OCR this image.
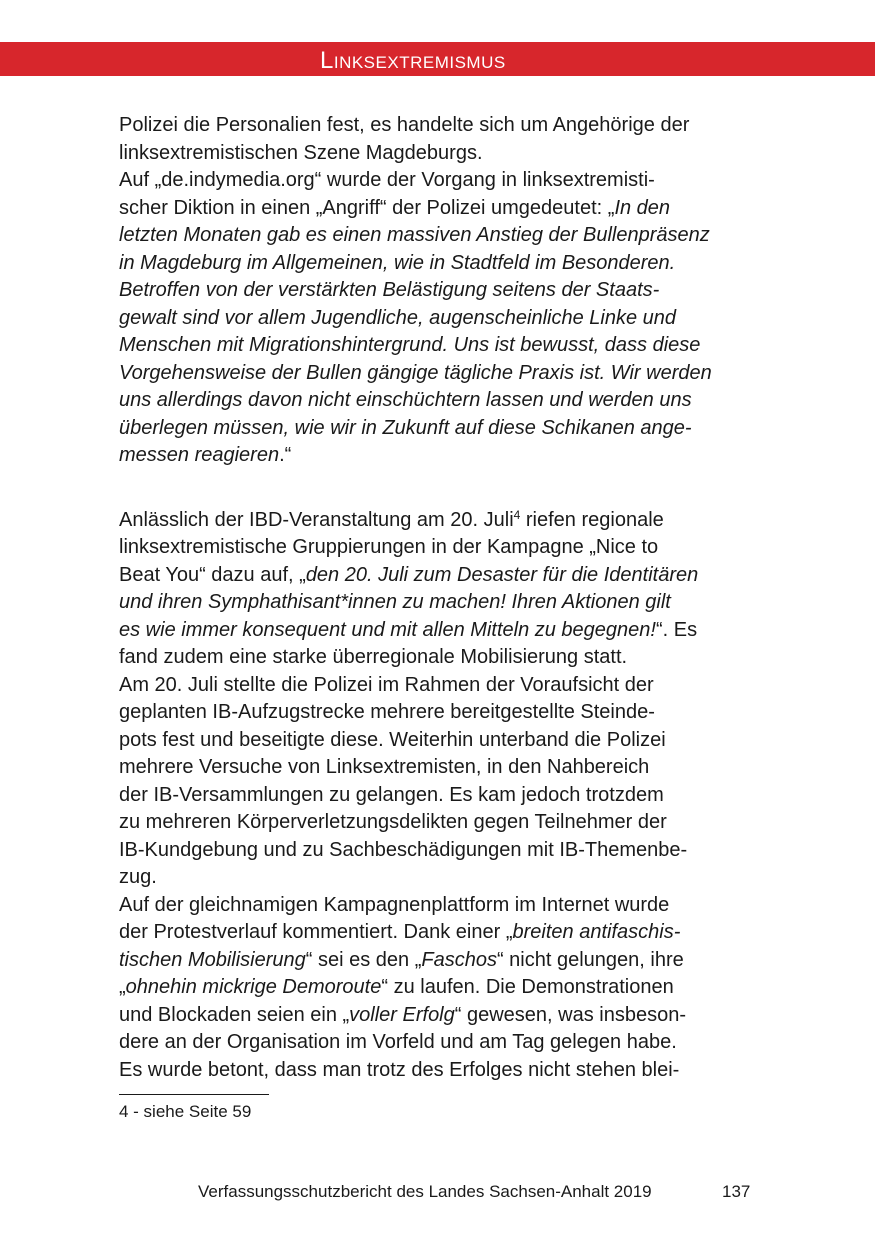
Linksextremismus
Polizei die Personalien fest, es handelte sich um Angehörige der
linksextremistischen Szene Magdeburgs.
Auf „de.indymedia.org“ wurde der Vorgang in linksextremisti-
scher Diktion in einen „Angriff“ der Polizei umgedeutet: „In den
letzten Monaten gab es einen massiven Anstieg der Bullenpräsenz
in Magdeburg im Allgemeinen, wie in Stadtfeld im Besonderen.
Betroffen von der verstärkten Belästigung seitens der Staats-
gewalt sind vor allem Jugendliche, augenscheinliche Linke und
Menschen mit Migrationshintergrund. Uns ist bewusst, dass diese
Vorgehensweise der Bullen gängige tägliche Praxis ist. Wir werden
uns allerdings davon nicht einschüchtern lassen und werden uns
überlegen müssen, wie wir in Zukunft auf diese Schikanen ange-
messen reagieren.“
Anlässlich der IBD-Veranstaltung am 20. Juli$^4$ riefen regionale
linksextremistische Gruppierungen in der Kampagne „Nice to
Beat You“ dazu auf, „den 20. Juli zum Desaster für die Identitären
und ihren Symphathisant*innen zu machen! Ihren Aktionen gilt
es wie immer konsequent und mit allen Mitteln zu begegnen!“. Es
fand zudem eine starke überregionale Mobilisierung statt.
Am 20. Juli stellte die Polizei im Rahmen der Voraufsicht der
geplanten IB-Aufzugstrecke mehrere bereitgestellte Steinde-
pots fest und beseitigte diese. Weiterhin unterband die Polizei
mehrere Versuche von Linksextremisten, in den Nahbereich
der IB-Versammlungen zu gelangen. Es kam jedoch trotzdem
zu mehreren Körperverletzungsdelikten gegen Teilnehmer der
IB-Kundgebung und zu Sachbeschädigungen mit IB-Themenbe-
zug.
Auf der gleichnamigen Kampagnenplattform im Internet wurde
der Protestverlauf kommentiert. Dank einer „breiten antifaschis-
tischen Mobilisierung“ sei es den „Faschos“ nicht gelungen, ihre
„ohnehin mickrige Demoroute“ zu laufen. Die Demonstrationen
und Blockaden seien ein „voller Erfolg“ gewesen, was insbeson-
dere an der Organisation im Vorfeld und am Tag gelegen habe.
Es wurde betont, dass man trotz des Erfolges nicht stehen blei-
4 - siehe Seite 59
Verfassungsschutzbericht des Landes Sachsen-Anhalt 2019	137
